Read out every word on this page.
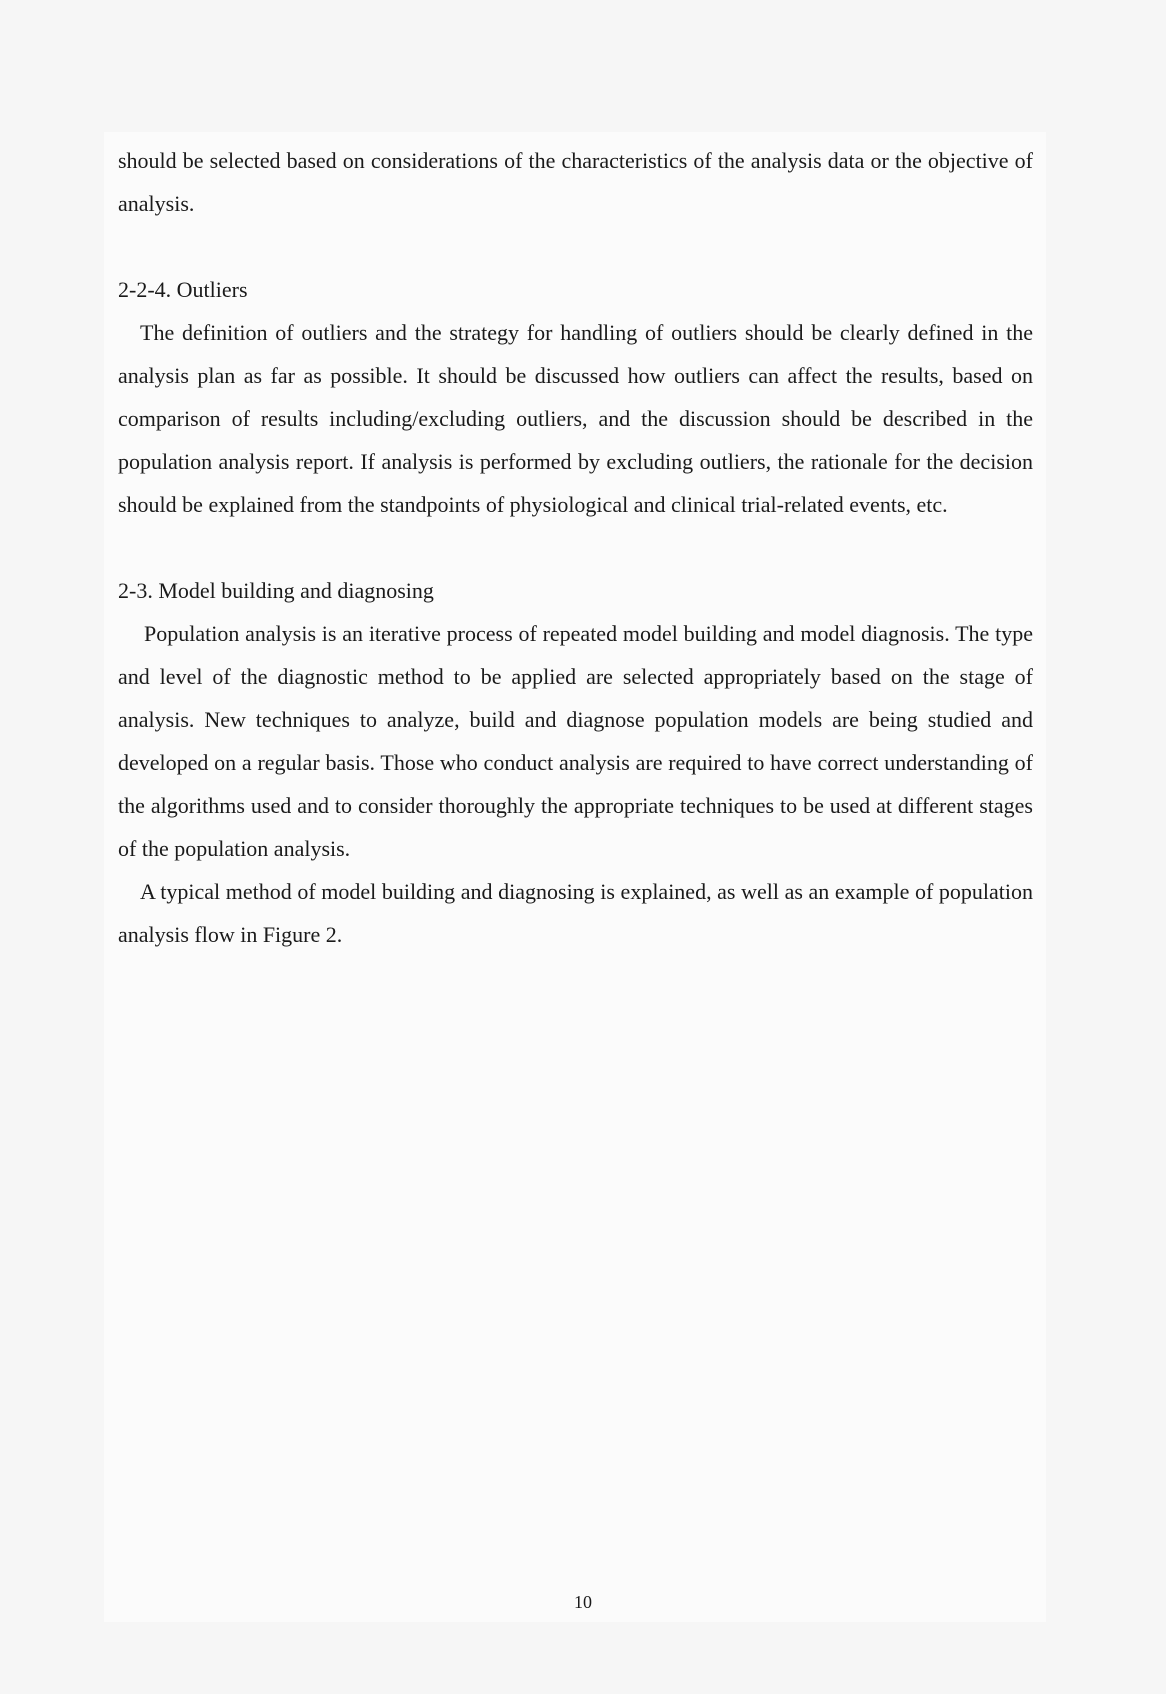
should be selected based on considerations of the characteristics of the analysis data or the objective of analysis.

2-2-4. Outliers

The definition of outliers and the strategy for handling of outliers should be clearly defined in the analysis plan as far as possible. It should be discussed how outliers can affect the results, based on comparison of results including/excluding outliers, and the discussion should be described in the population analysis report. If analysis is performed by excluding outliers, the rationale for the decision should be explained from the standpoints of physiological and clinical trial-related events, etc.

2-3. Model building and diagnosing

Population analysis is an iterative process of repeated model building and model diagnosis. The type and level of the diagnostic method to be applied are selected appropriately based on the stage of analysis. New techniques to analyze, build and diagnose population models are being studied and developed on a regular basis. Those who conduct analysis are required to have correct understanding of the algorithms used and to consider thoroughly the appropriate techniques to be used at different stages of the population analysis.

A typical method of model building and diagnosing is explained, as well as an example of population analysis flow in Figure 2.

10
